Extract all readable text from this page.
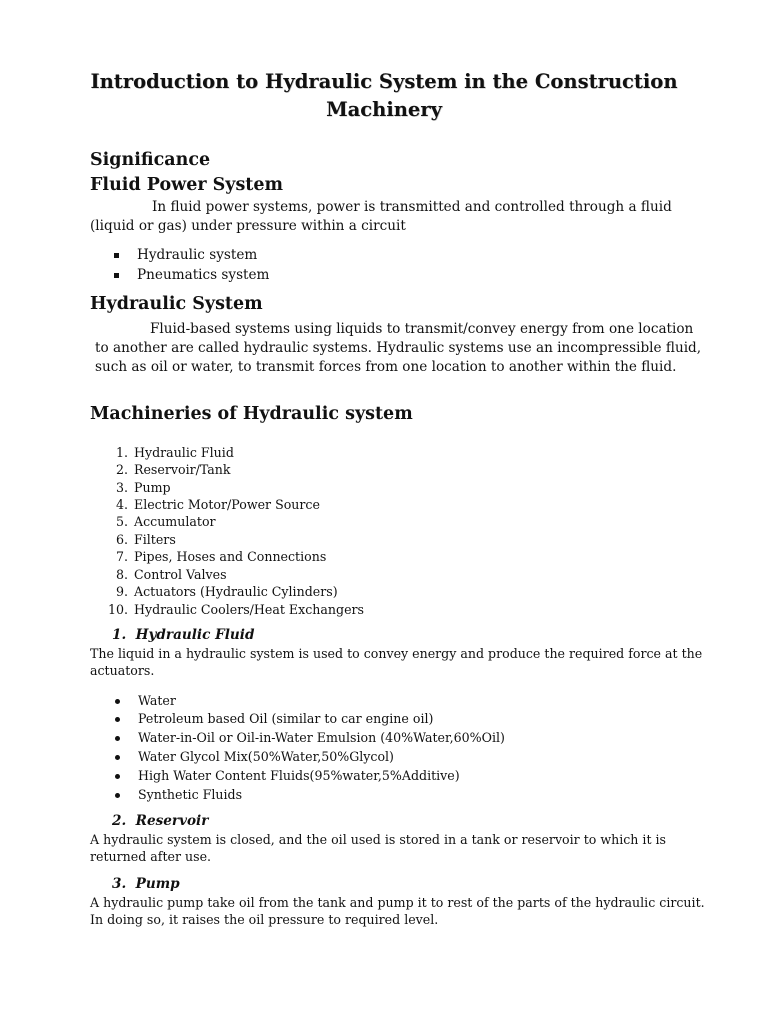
Introduction to Hydraulic System in the Construction
Machinery
Significance
Fluid Power System
In fluid power systems, power is transmitted and controlled through a fluid
(liquid or gas) under pressure within a circuit
Hydraulic system
Pneumatics system
Hydraulic System
Fluid-based systems using liquids to transmit/convey energy from one location
to another are called hydraulic systems. Hydraulic systems use an incompressible fluid,
such as oil or water, to transmit forces from one location to another within the fluid.
Machineries of Hydraulic system
1. Hydraulic Fluid
2. Reservoir/Tank
3. Pump
4. Electric Motor/Power Source
5. Accumulator
6. Filters
7. Pipes, Hoses and Connections
8. Control Valves
9. Actuators (Hydraulic Cylinders)
10. Hydraulic Coolers/Heat Exchangers
1. Hydraulic Fluid
The liquid in a hydraulic system is used to convey energy and produce the required force at the
actuators.
Water
Petroleum based Oil (similar to car engine oil)
Water-in-Oil or Oil-in-Water Emulsion (40%Water,60%Oil)
Water Glycol Mix(50%Water,50%Glycol)
High Water Content Fluids(95%water,5%Additive)
Synthetic Fluids
2. Reservoir
A hydraulic system is closed, and the oil used is stored in a tank or reservoir to which it is
returned after use.
3. Pump
A hydraulic pump take oil from the tank and pump it to rest of the parts of the hydraulic circuit.
In doing so, it raises the oil pressure to required level.
